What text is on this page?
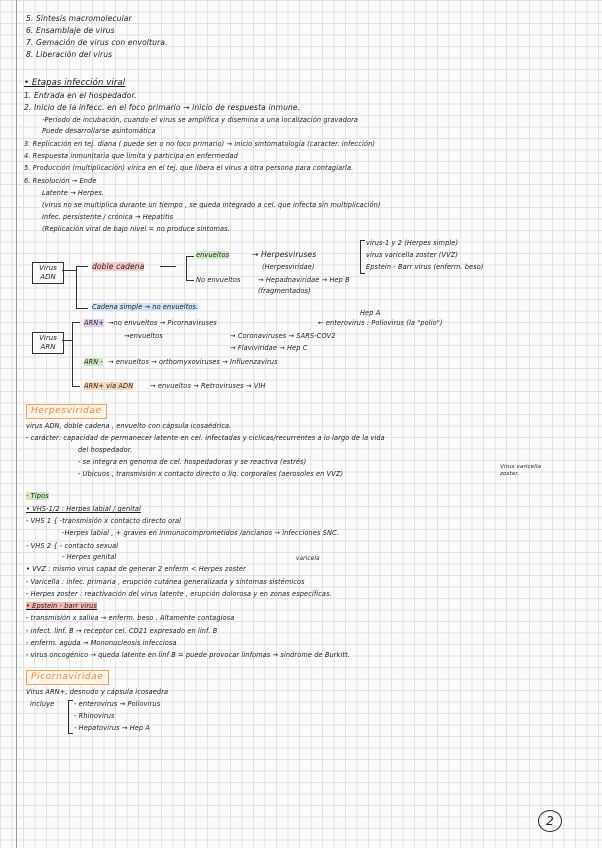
5. Síntesis macromolecular
6. Ensamblaje de virus
7. Gemación de virus con envoltura.
8. Liberación del virus
• Etapas infección viral
1. Entrada en el hospedador.
2. Inicio de la infecc. en el foco primario → inicio de respuesta inmune.
-Periodo de incubación, cuando el virus se amplifica y disemina a una localización gravadora
Puede desarrollarse asintomática
3. Replicación en tej. diana ( puede ser o no foco primario) → inicio sintomatología (caracter. infección)
4. Respuesta inmunitaria que limita y participa en enfermedad
5. Producción (multiplicación) vírica en el tej. que libera el virus a otra persona para contagiarla.
6. Resolución → Ende
Latente → Herpes.
(virus no se multiplica durante un tiempo , se queda integrado a cel. que infecta sin multiplicación)
Infec. persistente / crónica → Hepatitis
(Replicación viral de bajo nivel = no produce síntomas.
Virus ADN
doble cadena
envueltos	→ Herpesviruses
(Herpesviridae)
No envueltos	→ Hepadnaviridae → Hep B
(fragmentados)
virus-1 y 2 (Herpes simple)
virus varicella zoster (VVZ)
Epstein - Barr virus (enferm. beso)
Cadena simple → no envueltos.
Virus ARN
ARN+ →no envueltos → Picornaviruses
Hep A
← enterovirus : Poliovirus (la "polio")
→envueltos	→ Coronaviruses → SARS-COV2
→ Flaviviridae → Hep C
ARN - → envueltos → orthomyxoviruses → Influenzavirus
ARN+ vía ADN	→ envueltos → Retroviruses → VIH
Herpesviridae
virus ADN, doble cadena , envuelto con cápsula icosaédrica.
- carácter: capacidad de permanecer latente en cel. infectadas y cíclicas/recurrentes a lo largo de la vida
del hospedador.
- se integra en genoma de cel. hospedadoras y se reactiva (estrés)
- Ubicuos , transmisión x contacto directo o líq. corporales (aerosoles en VVZ)
Virus varicella zoster.
- Tipos
• VHS-1/2 : Herpes labial / genital
- VHS 1 { -transmisión x contacto directo oral
-Herpes labial , + graves en inmunocomprometidos /ancianos → infecciones SNC.
- VHS 2 { - contacto sexual
- Herpes genital	varicela
• VVZ : mismo virus capaz de generar 2 enferm < Herpes zoster
- Varicella : infec. primaria , erupción cutánea generalizada y síntomas sistémicos
- Herpes zoster : reactivación del virus latente , erupción dolorosa y en zonas específicas.
• Epstein - barr virus
- transmisión x saliva → enferm. beso . Altamente contagiosa
- infect. linf. B → receptor cel. CD21 expresado en linf. B
- enferm. aguda → Mononucleosis infecciosa
- virus oncogénico → queda latente en linf B = puede provocar linfomas → síndrome de Burkitt.
Picornaviridae
Virus ARN+, desnudo y cápsula icosaedra
incluye	- enterovirus → Poliovirus
- Rhinovirus
- Hepatovirus → Hep A
2
